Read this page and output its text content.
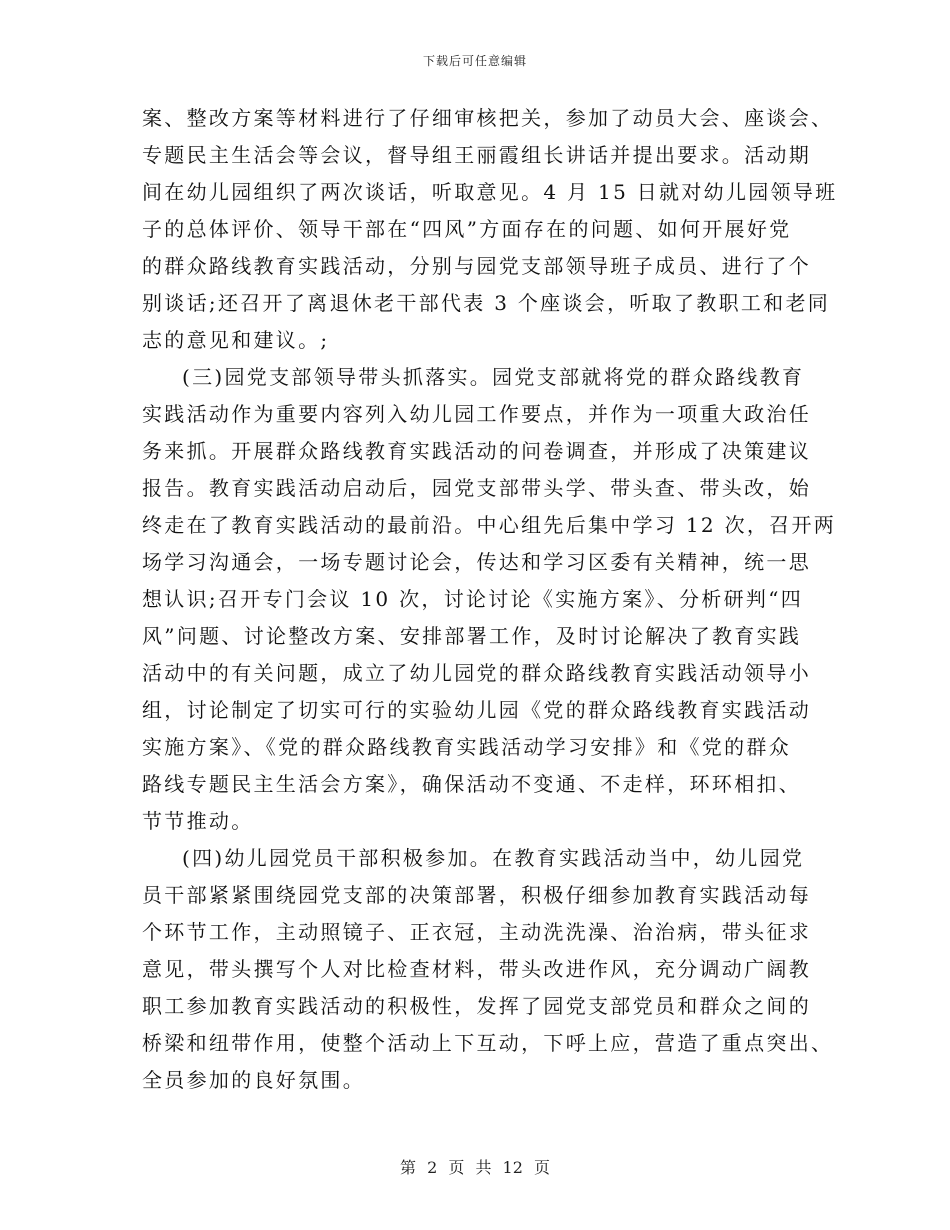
下载后可任意编辑
案、整改方案等材料进行了仔细审核把关，参加了动员大会、座谈会、
专题民主生活会等会议，督导组王丽霞组长讲话并提出要求。活动期
间在幼儿园组织了两次谈话，听取意见。4 月 15 日就对幼儿园领导班
子的总体评价、领导干部在“四风”方面存在的问题、如何开展好党
的群众路线教育实践活动，分别与园党支部领导班子成员、进行了个
别谈话;还召开了离退休老干部代表 3 个座谈会，听取了教职工和老同
志的意见和建议。;
(三)园党支部领导带头抓落实。园党支部就将党的群众路线教育
实践活动作为重要内容列入幼儿园工作要点，并作为一项重大政治任
务来抓。开展群众路线教育实践活动的问卷调查，并形成了决策建议
报告。教育实践活动启动后，园党支部带头学、带头查、带头改，始
终走在了教育实践活动的最前沿。中心组先后集中学习 12 次，召开两
场学习沟通会，一场专题讨论会，传达和学习区委有关精神，统一思
想认识;召开专门会议 10 次，讨论讨论《实施方案》、分析研判“四
风”问题、讨论整改方案、安排部署工作，及时讨论解决了教育实践
活动中的有关问题，成立了幼儿园党的群众路线教育实践活动领导小
组，讨论制定了切实可行的实验幼儿园《党的群众路线教育实践活动
实施方案》、《党的群众路线教育实践活动学习安排》和《党的群众
路线专题民主生活会方案》，确保活动不变通、不走样，环环相扣、
节节推动。
(四)幼儿园党员干部积极参加。在教育实践活动当中，幼儿园党
员干部紧紧围绕园党支部的决策部署，积极仔细参加教育实践活动每
个环节工作，主动照镜子、正衣冠，主动洗洗澡、治治病，带头征求
意见，带头撰写个人对比检查材料，带头改进作风，充分调动广阔教
职工参加教育实践活动的积极性，发挥了园党支部党员和群众之间的
桥梁和纽带作用，使整个活动上下互动，下呼上应，营造了重点突出、
全员参加的良好氛围。
第 2 页 共 12 页
